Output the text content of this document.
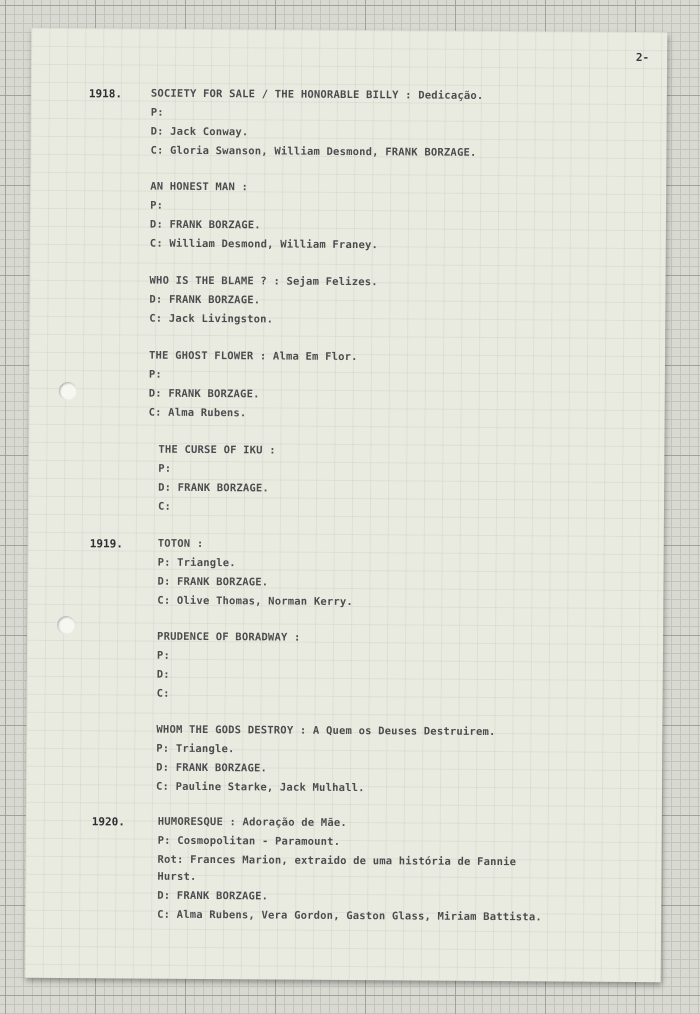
2-
1918.	SOCIETY FOR SALE / THE HONORABLE BILLY : Dedicação.
P:
D: Jack Conway.
C: Gloria Swanson, William Desmond, FRANK BORZAGE.
AN HONEST MAN :
P:
D: FRANK BORZAGE.
C: William Desmond, William Franey.
WHO IS THE BLAME ? : Sejam Felizes.
D: FRANK BORZAGE.
C: Jack Livingston.
THE GHOST FLOWER : Alma Em Flor.
P:
D: FRANK BORZAGE.
C: Alma Rubens.
THE CURSE OF IKU :
P:
D: FRANK BORZAGE.
C:
1919.	TOTON :
P: Triangle.
D: FRANK BORZAGE.
C: Olive Thomas, Norman Kerry.
PRUDENCE OF BORADWAY :
P:
D:
C:
WHOM THE GODS DESTROY : A Quem os Deuses Destruirem.
P: Triangle.
D: FRANK BORZAGE.
C: Pauline Starke, Jack Mulhall.
1920.	HUMORESQUE : Adoração de Mãe.
P: Cosmopolitan - Paramount.
Rot: Frances Marion, extraido de uma história de Fannie
Hurst.
D: FRANK BORZAGE.
C: Alma Rubens, Vera Gordon, Gaston Glass, Miriam Battista.
